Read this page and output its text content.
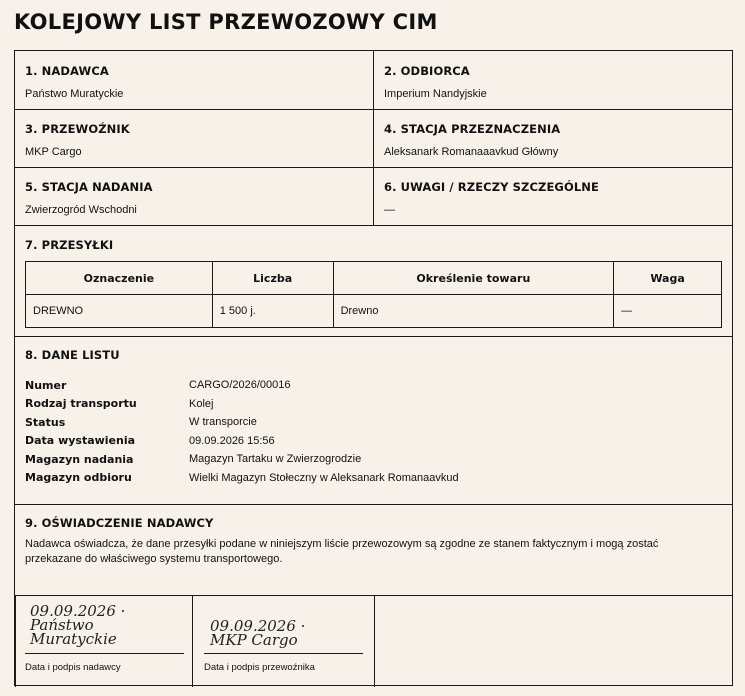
KOLEJOWY LIST PRZEWOZOWY CIM
1. NADAWCA
Państwo Muratyckie
2. ODBIORCA
Imperium Nandyjskie
3. PRZEWOŹNIK
MKP Cargo
4. STACJA PRZEZNACZENIA
Aleksanark Romanaaavkud Główny
5. STACJA NADANIA
Zwierzogród Wschodni
6. UWAGI / RZECZY SZCZEGÓLNE
—
7. PRZESYŁKI
Oznaczenie	Liczba	Określenie towaru	Waga
DREWNO	1 500 j.	Drewno	—
8. DANE LISTU
Numer	CARGO/2026/00016
Rodzaj transportu	Kolej
Status	W transporcie
Data wystawienia	09.09.2026 15:56
Magazyn nadania	Magazyn Tartaku w Zwierzogrodzie
Magazyn odbioru	Wielki Magazyn Stołeczny w Aleksanark Romanaavkud
9. OŚWIADCZENIE NADAWCY
Nadawca oświadcza, że dane przesyłki podane w niniejszym liście przewozowym są zgodne ze stanem faktycznym i mogą zostać przekazane do właściwego systemu transportowego.
09.09.2026 ·
Państwo
Muratyckie
Data i podpis nadawcy
09.09.2026 ·
MKP Cargo
Data i podpis przewoźnika
